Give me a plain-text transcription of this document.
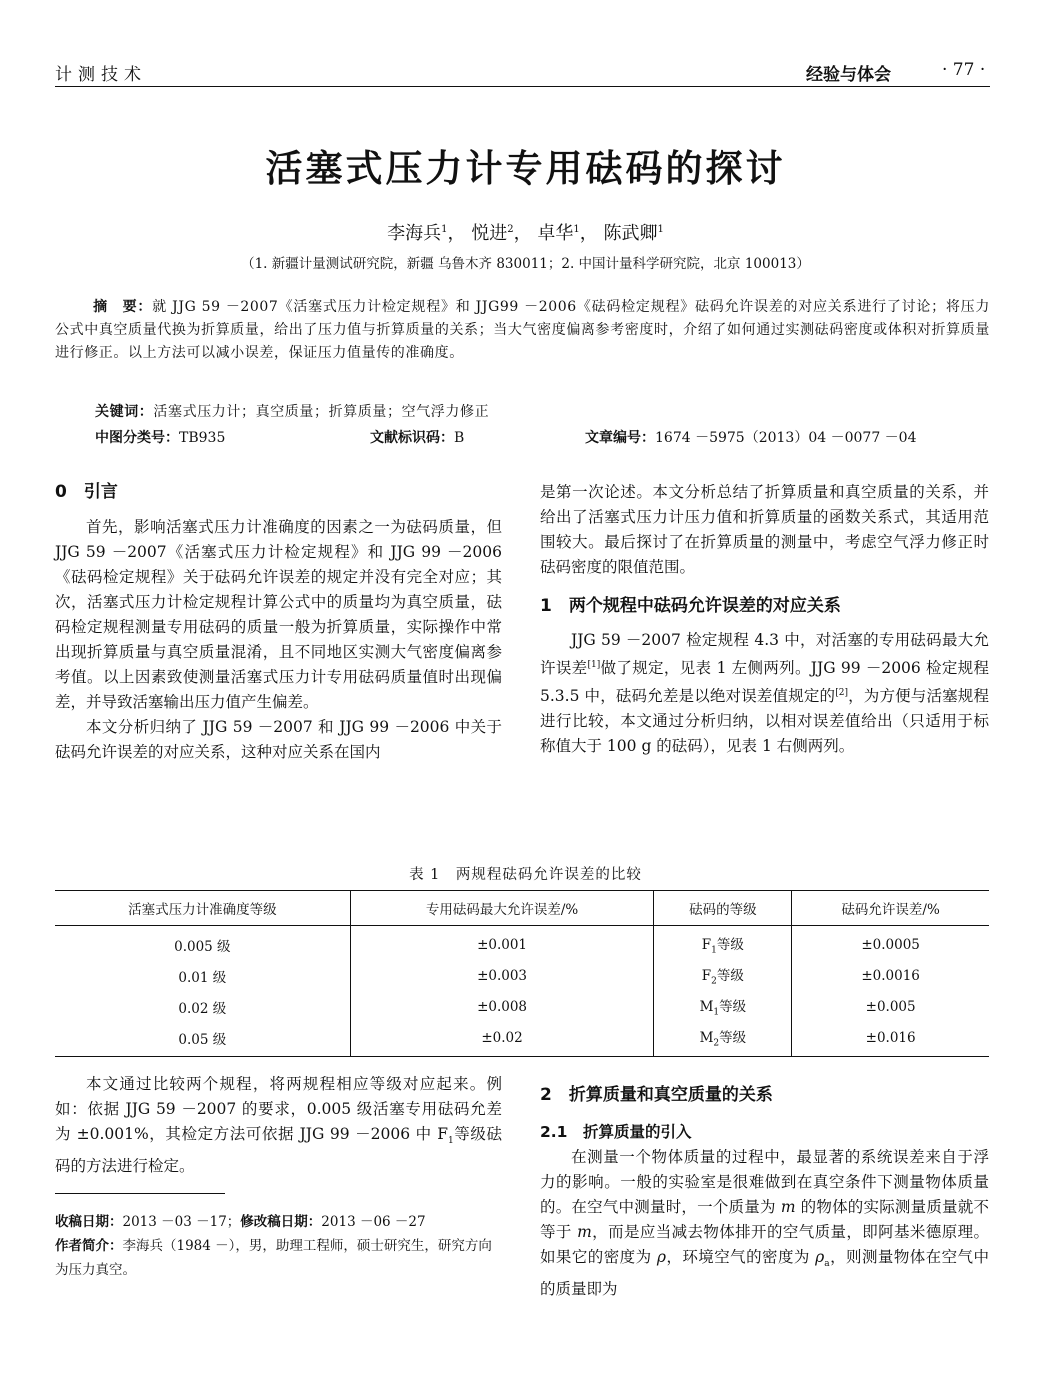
计测技术	经验与体会	· 77 ·
活塞式压力计专用砝码的探讨
李海兵$^1$， 悦进$^2$， 卓华$^1$， 陈武卿$^1$
（1. 新疆计量测试研究院，新疆 乌鲁木齐 830011；2. 中国计量科学研究院，北京 100013）
摘　要：就 JJG 59 －2007《活塞式压力计检定规程》和 JJG99 －2006《砝码检定规程》砝码允许误差的对应关系进行了讨论；将压力公式中真空质量代换为折算质量，给出了压力值与折算质量的关系；当大气密度偏离参考密度时，介绍了如何通过实测砝码密度或体积对折算质量进行修正。以上方法可以减小误差，保证压力值量传的准确度。
关键词：活塞式压力计；真空质量；折算质量；空气浮力修正
中图分类号：TB935	文献标识码：B	文章编号：1674 －5975（2013）04 －0077 －04
0　引言

首先，影响活塞式压力计准确度的因素之一为砝码质量，但 JJG 59 －2007《活塞式压力计检定规程》和 JJG 99 －2006《砝码检定规程》关于砝码允许误差的规定并没有完全对应；其次，活塞式压力计检定规程计算公式中的质量均为真空质量，砝码检定规程测量专用砝码的质量一般为折算质量，实际操作中常出现折算质量与真空质量混淆，且不同地区实测大气密度偏离参考值。以上因素致使测量活塞式压力计专用砝码质量值时出现偏差，并导致活塞输出压力值产生偏差。

本文分析归纳了 JJG 59 －2007 和 JJG 99 －2006 中关于砝码允许误差的对应关系，这种对应关系在国内

是第一次论述。本文分析总结了折算质量和真空质量的关系，并给出了活塞式压力计压力值和折算质量的函数关系式，其适用范围较大。最后探讨了在折算质量的测量中，考虑空气浮力修正时砝码密度的限值范围。
1　两个规程中砝码允许误差的对应关系

JJG 59 －2007 检定规程 4.3 中，对活塞的专用砝码最大允许误差[1]做了规定，见表 1 左侧两列。JJG 99 －2006 检定规程 5.3.5 中，砝码允差是以绝对误差值规定的[2]，为方便与活塞规程进行比较，本文通过分析归纳，以相对误差值给出（只适用于标称值大于 100 g 的砝码），见表 1 右侧两列。

表 1　两规程砝码允许误差的比较
活塞式压力计准确度等级	专用砝码最大允许误差/%	砝码的等级	砝码允许误差/%
0.005 级	±0.001	$F_1$等级	±0.0005
0.01 级	±0.003	$F_2$等级	±0.0016
0.02 级	±0.008	$M_1$等级	±0.005
0.05 级	±0.02	$M_2$等级	±0.016

本文通过比较两个规程，将两规程相应等级对应起来。例如：依据 JJG 59 －2007 的要求，0.005 级活塞专用砝码允差为 ±0.001%，其检定方法可依据 JJG 99 －2006 中 $F_1$等级砝码的方法进行检定。

收稿日期：2013 －03 －17；修改稿日期：2013 －06 －27
作者简介：李海兵（1984 －），男，助理工程师，硕士研究生，研究方向为压力真空。
2　折算质量和真空质量的关系
2.1　折算质量的引入

在测量一个物体质量的过程中，最显著的系统误差来自于浮力的影响。一般的实验室是很难做到在真空条件下测量物体质量的。在空气中测量时，一个质量为 m 的物体的实际测量质量就不等于 m，而是应当减去物体排开的空气质量，即阿基米德原理。如果它的密度为 ρ，环境空气的密度为 $\rho_a$，则测量物体在空气中的质量即为
